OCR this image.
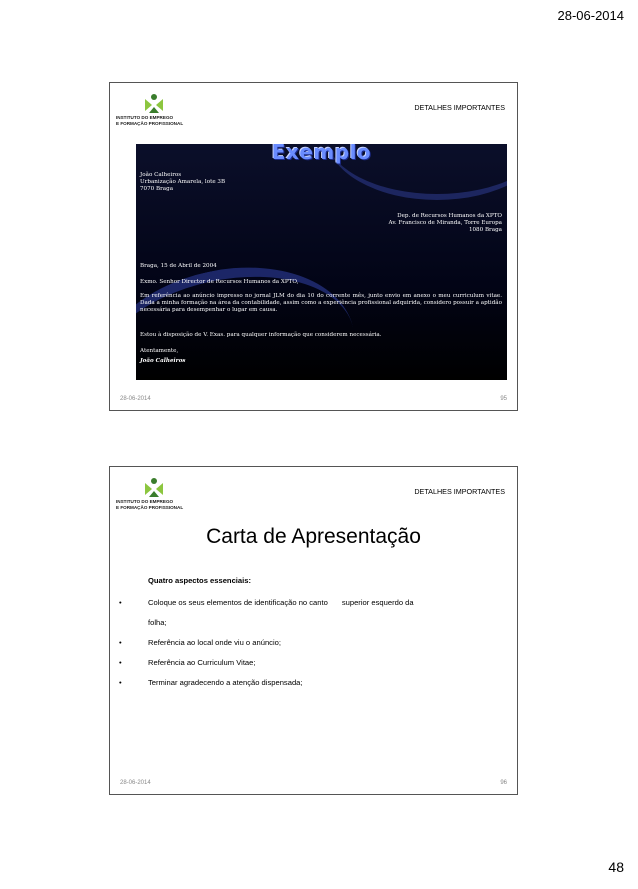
28-06-2014
INSTITUTO DO EMPREGO
E FORMAÇÃO PROFISSIONAL
DETALHES IMPORTANTES
Exemplo
João Calheiros
Urbanização Amarela, lote 3B
7070 Braga
Dep. de Recursos Humanos da XPTO
Av. Francisco de Miranda, Torre Europa
1080 Braga
Braga, 15 de Abril de 2004
Exmo. Senhor Director de Recursos Humanos da XPTO,
Em referência ao anúncio impresso no jornal JLM do dia 10 do corrente mês, junto envio em anexo o meu curriculum vitae. Dada a minha formação na área da contabilidade, assim como a experiência profissional adquirida, considero possuir a aptidão necessária para desempenhar o lugar em causa.
Estou à disposição de V. Exas. para qualquer informação que considerem necessária.
Atentamente,
João Calheiros
28-06-2014	95
INSTITUTO DO EMPREGO
E FORMAÇÃO PROFISSIONAL
DETALHES IMPORTANTES
Carta de Apresentação
Quatro aspectos essenciais:
•	Coloque os seus elementos de identificação no canto superior esquerdo da
folha;
•	Referência ao local onde viu o anúncio;
•	Referência ao Curriculum Vitae;
•	Terminar agradecendo a atenção dispensada;
28-06-2014	96
48
